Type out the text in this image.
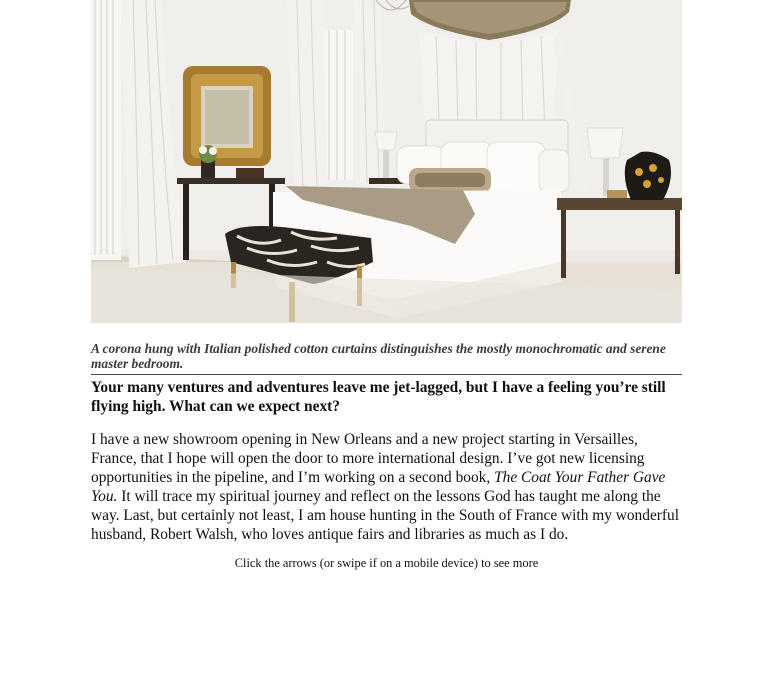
A corona hung with Italian polished cotton curtains distinguishes the mostly monochromatic and serene master bedroom.

Your many ventures and adventures leave me jet-lagged, but I have a feeling you’re still flying high. What can we expect next?

I have a new showroom opening in New Orleans and a new project starting in Versailles, France, that I hope will open the door to more international design. I’ve got new licensing opportunities in the pipeline, and I’m working on a second book, The Coat Your Father Gave You. It will trace my spiritual journey and reflect on the lessons God has taught me along the way. Last, but certainly not least, I am house hunting in the South of France with my wonderful husband, Robert Walsh, who loves antique fairs and libraries as much as I do.

Click the arrows (or swipe if on a mobile device) to see more
